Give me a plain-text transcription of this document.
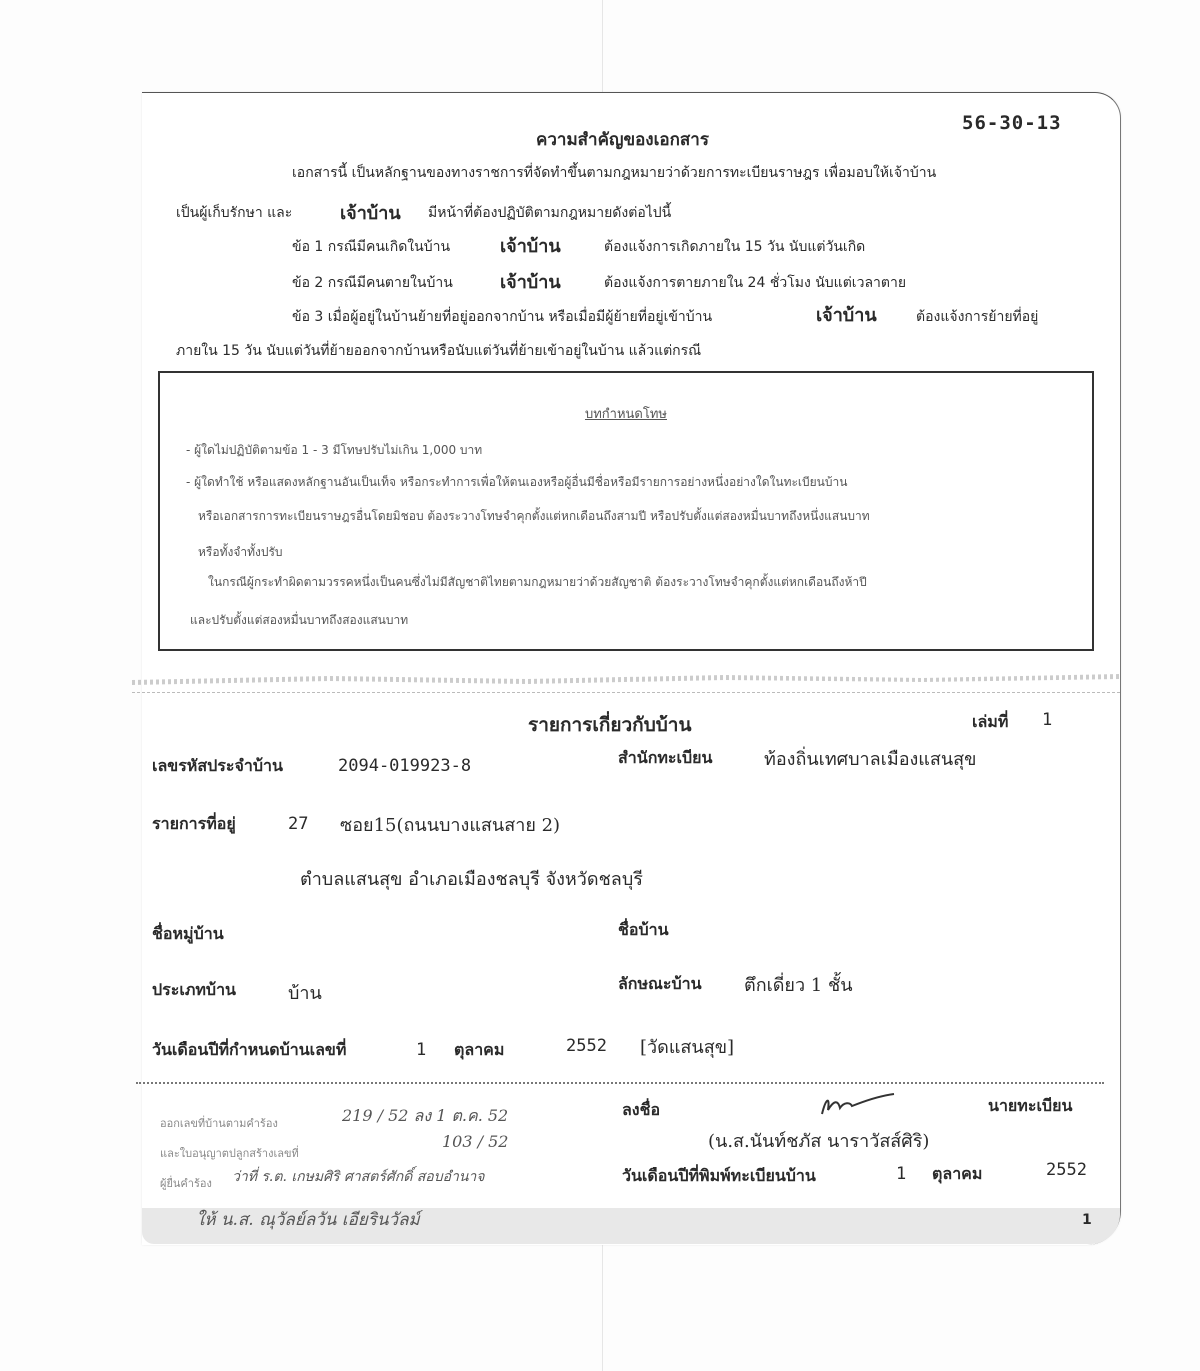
56-30-13
ความสำคัญของเอกสาร
เอกสารนี้ เป็นหลักฐานของทางราชการที่จัดทำขึ้นตามกฎหมายว่าด้วยการทะเบียนราษฎร เพื่อมอบให้เจ้าบ้าน
เป็นผู้เก็บรักษา และ	เจ้าบ้าน มีหน้าที่ต้องปฏิบัติตามกฎหมายดังต่อไปนี้
ข้อ 1 กรณีมีคนเกิดในบ้าน	เจ้าบ้าน	ต้องแจ้งการเกิดภายใน 15 วัน นับแต่วันเกิด
ข้อ 2 กรณีมีคนตายในบ้าน	เจ้าบ้าน	ต้องแจ้งการตายภายใน 24 ชั่วโมง นับแต่เวลาตาย
ข้อ 3 เมื่อผู้อยู่ในบ้านย้ายที่อยู่ออกจากบ้าน หรือเมื่อมีผู้ย้ายที่อยู่เข้าบ้าน	เจ้าบ้าน	ต้องแจ้งการย้ายที่อยู่
ภายใน 15 วัน นับแต่วันที่ย้ายออกจากบ้านหรือนับแต่วันที่ย้ายเข้าอยู่ในบ้าน แล้วแต่กรณี
บทกำหนดโทษ
- ผู้ใดไม่ปฏิบัติตามข้อ 1 - 3 มีโทษปรับไม่เกิน 1,000 บาท
- ผู้ใดทำใช้ หรือแสดงหลักฐานอันเป็นเท็จ หรือกระทำการเพื่อให้ตนเองหรือผู้อื่นมีชื่อหรือมีรายการอย่างหนึ่งอย่างใดในทะเบียนบ้าน
หรือเอกสารการทะเบียนราษฎรอื่นโดยมิชอบ ต้องระวางโทษจำคุกตั้งแต่หกเดือนถึงสามปี หรือปรับตั้งแต่สองหมื่นบาทถึงหนึ่งแสนบาท
หรือทั้งจำทั้งปรับ
ในกรณีผู้กระทำผิดตามวรรคหนึ่งเป็นคนซึ่งไม่มีสัญชาติไทยตามกฎหมายว่าด้วยสัญชาติ ต้องระวางโทษจำคุกตั้งแต่หกเดือนถึงห้าปี
และปรับตั้งแต่สองหมื่นบาทถึงสองแสนบาท
รายการเกี่ยวกับบ้าน	เล่มที่ 1
เลขรหัสประจำบ้าน	2094-019923-8	สำนักทะเบียน	ท้องถิ่นเทศบาลเมืองแสนสุข
รายการที่อยู่	27 ซอย15(ถนนบางแสนสาย 2)
ตำบลแสนสุข อำเภอเมืองชลบุรี จังหวัดชลบุรี
ชื่อหมู่บ้าน	ชื่อบ้าน
ประเภทบ้าน	บ้าน	ลักษณะบ้าน ตึกเดี่ยว 1 ชั้น
วันเดือนปีที่กำหนดบ้านเลขที่	1 ตุลาคม	2552 [วัดแสนสุข]
ออกเลขที่บ้านตามคำร้อง	219 / 52 ลง 1 ต.ค. 52
และใบอนุญาตปลูกสร้างเลขที่
103 / 52
ผู้ยื่นคำร้อง ว่าที่ ร.ต. เกษมศิริ ศาสตร์ศักดิ์ สอบอำนาจ
ลงชื่อ	นายทะเบียน
(น.ส.นันท์ชภัส นาราวัสส์ศิริ)
วันเดือนปีที่พิมพ์ทะเบียนบ้าน	1 ตุลาคม	2552
ให้ น.ส. ณุวัลย์ลวัน เอียรินวัลม์	1
